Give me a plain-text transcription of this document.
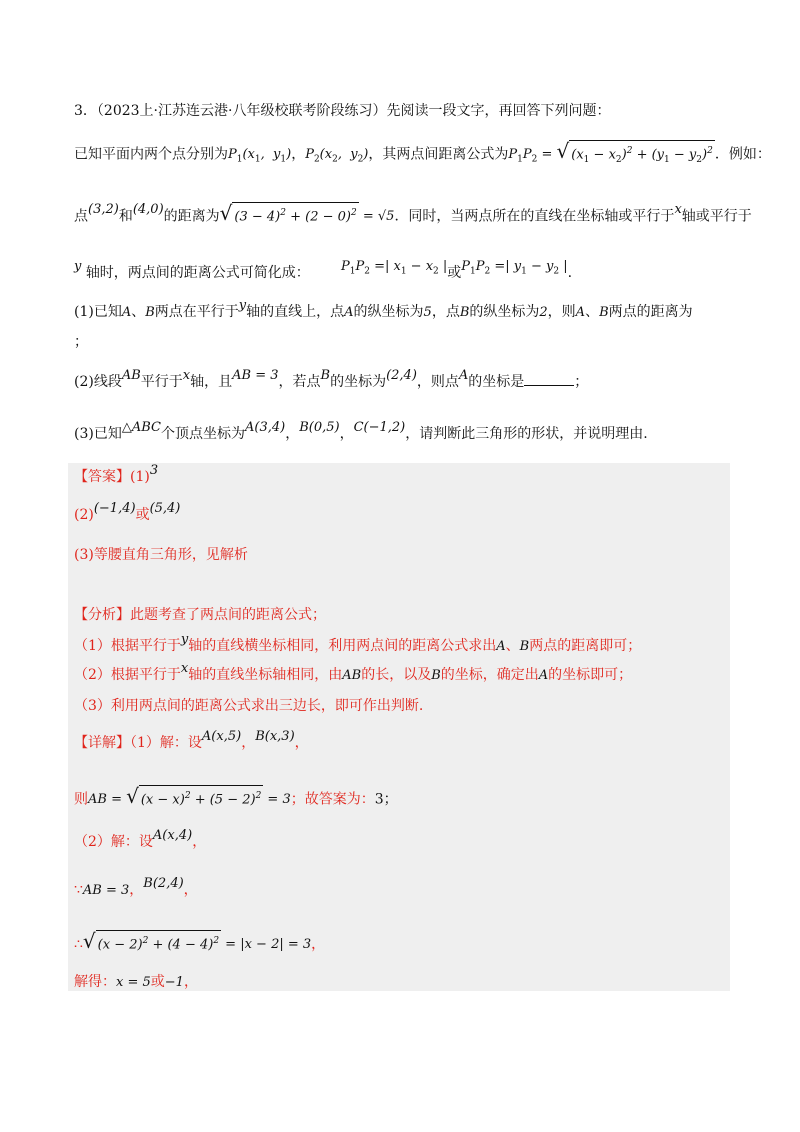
3．（2023上·江苏连云港·八年级校联考阶段练习）先阅读一段文字，再回答下列问题：
已知平面内两个点分别为$P_1(x_1$,  $y_1$)，$P_2(x_2$,  $y_2$)，其两点间距离公式为$P_1P_2$ = √ $(x_1 - x_2)^2 + (y_1 - y_2)^2$ ．例如：
点(3,2)和(4,0)的距离为√ $(3 - 4)^2 + (2 - 0)^2 = √5$．同时，当两点所在的直线在坐标轴或平行于x轴或平行于
y 轴时，两点间的距离公式可简化成： $P_1P_2$ =| $x_1 - x_2$ |或$P_1P_2$ =| $y_1 - y_2$ |.
(1)已知A、B两点在平行于y轴的直线上，点A的纵坐标为5，点B的纵坐标为2，则A、B两点的距离为
；
(2)线段AB平行于x轴，且AB = 3，若点B的坐标为(2,4)，则点A的坐标是	；
(3)已知△ABC个顶点坐标为A(3,4)，B(0,5)，C(−1,2)，请判断此三角形的形状，并说明理由.
【答案】(1)3
(2)(−1,4)或(5,4)
(3)等腰直角三角形，见解析
【分析】此题考查了两点间的距离公式；
（1）根据平行于y轴的直线横坐标相同，利用两点间的距离公式求出A、B两点的距离即可；
（2）根据平行于x轴的直线坐标轴相同，由AB的长，以及B的坐标，确定出A的坐标即可；
（3）利用两点间的距离公式求出三边长，即可作出判断.
【详解】（1）解：设A(x,5)，B(x,3)，
则AB = √ $(x - x)^2 + (5 - 2)^2 = 3$；故答案为：3；
（2）解：设A(x,4)，
∵AB = 3，B(2,4)，
∴√ $(x - 2)^2 + (4 - 4)^2 = |x - 2| = 3$，
解得：x = 5或−1，
